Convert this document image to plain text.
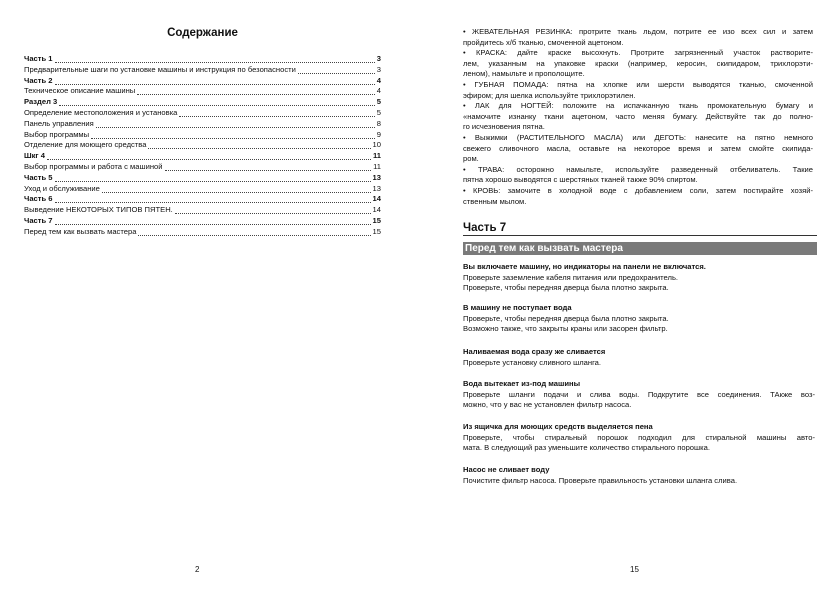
Содержание
Часть 1	3
Предварительные шаги по установке машины и инструкция по безопасности	3
Часть 2	4
Техническое описание машины	4
Раздел 3	5
Определение местоположения и установка	5
Панель управления	8
Выбор программы	9
Отделение для моющего средства	10
Шкг 4	11
Выбор программы и работа с машиной	11
Часть 5	13
Уход и обслуживание	13
Часть 6	14
Выведение НЕКОТОРЫХ ТИПОВ ПЯТЕН.	14
Часть 7	15
Перед тем как вызвать мастера	15
2
• ЖЕВАТЕЛЬНАЯ РЕЗИНКА: протрите ткань льдом, потрите ее изо всех сил и затем
пройдитесь х/б тканью, смоченной ацетоном.
• КРАСКА: дайте краске высохнуть. Протрите загрязненный участок растворите-
лем, указанным на упаковке краски (например, керосин, скипидаром, трихлорэти-
леном), намыльте и прополощите.
• ГУБНАЯ ПОМАДА: пятна на хлопке или шерсти выводятся тканью, смоченной
эфиром; для шелка используйте трихлорэтилен.
• ЛАК для НОГТЕЙ: положите на испачканную ткань промокательную бумагу и
«намочите изнанку ткани ацетоном, часто меняя бумагу. Действуйте так до полно-
го исчезновения пятна.
• Выжимки (РАСТИТЕЛЬНОГО МАСЛА) или ДЕГОТЬ: нанесите на пятно немного
свежего сливочного масла, оставьте на некоторое время и затем смойте скипида-
ром.
• ТРАВА: осторожно намыльте, используйте разведенный отбеливатель. Такие
пятна хорошо выводятся с шерстяных тканей также 90% спиртом.
• КРОВЬ: замочите в холодной воде с добавлением соли, затем постирайте хозяй-
ственным мылом.
Часть 7
Перед тем как вызвать мастера
Вы включаете машину, но индикаторы на панели не включатся.
Проверьте заземление кабеля питания или предохранитель.
Проверьте, чтобы передняя дверца была плотно закрыта.
В машину не поступает вода
Проверьте, чтобы передняя дверца была плотно закрыта.
Возможно также, что закрыты краны или засорен фильтр.
Наливаемая вода сразу же сливается
Проверьте установку сливного шланга.
Вода вытекает из-под машины
Проверьте шланги подачи и слива воды. Подкрутите все соединения. ТАкже воз-
можно, что у вас не установлен фильтр насоса.
Из ящичка для моющих средств выделяется пена
Проверьте, чтобы стиральный порошок подходил для стиральной машины авто-
мата. В следующий раз уменьшите количество стирального порошка.
Насос не сливает воду
Почистите фильтр насоса. Проверьте правильность установки шланга слива.
15
